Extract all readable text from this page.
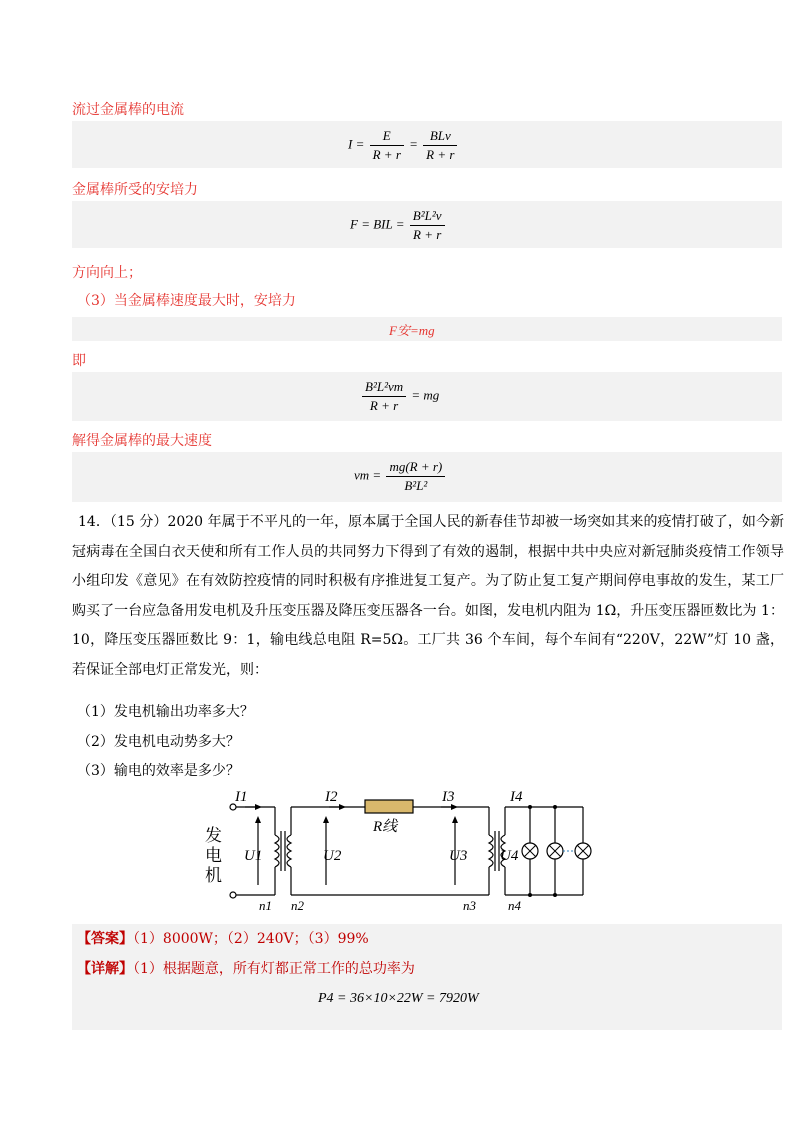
流过金属棒的电流
$I = \frac{E}{R + r} = \frac{\text{BLv}}{R + r}$
金属棒所受的安培力
F = BIL = $\frac{\text{B²L²v}}{R + r}$
方向向上；
（3）当金属棒速度最大时，安培力
F安=mg
即
$\frac{\text{B²L²vm}}{R + r}$ = mg
解得金属棒的最大速度
vm = $\frac{mg(R + r)}{\text{B²L²}}$
14．（15 分）2020 年属于不平凡的一年，原本属于全国人民的新春佳节却被一场突如其来的疫情打破了，如今新冠病毒在全国白衣天使和所有工作人员的共同努力下得到了有效的遏制，根据中共中央应对新冠肺炎疫情工作领导小组印发《意见》在有效防控疫情的同时积极有序推进复工复产。为了防止复工复产期间停电事故的发生，某工厂购买了一台应急备用发电机及升压变压器及降压变压器各一台。如图，发电机内阻为 1Ω，升压变压器匝数比为 1：10，降压变压器匝数比 9：1，输电线总电阻 R=5Ω。工厂共 36 个车间，每个车间有“220V，22W”灯 10 盏，若保证全部电灯正常发光，则：
（1）发电机输出功率多大？
（2）发电机电动势多大？
（3）输电的效率是多少？
I1	I2	I3	I4
U1	U2	U3 U4
R线
n1 n2	n3 n4
发
电
机
【答案】（1）8000W；（2）240V；（3）99%
【详解】（1）根据题意，所有灯都正常工作的总功率为
P4 = 36×10×22W = 7920W
